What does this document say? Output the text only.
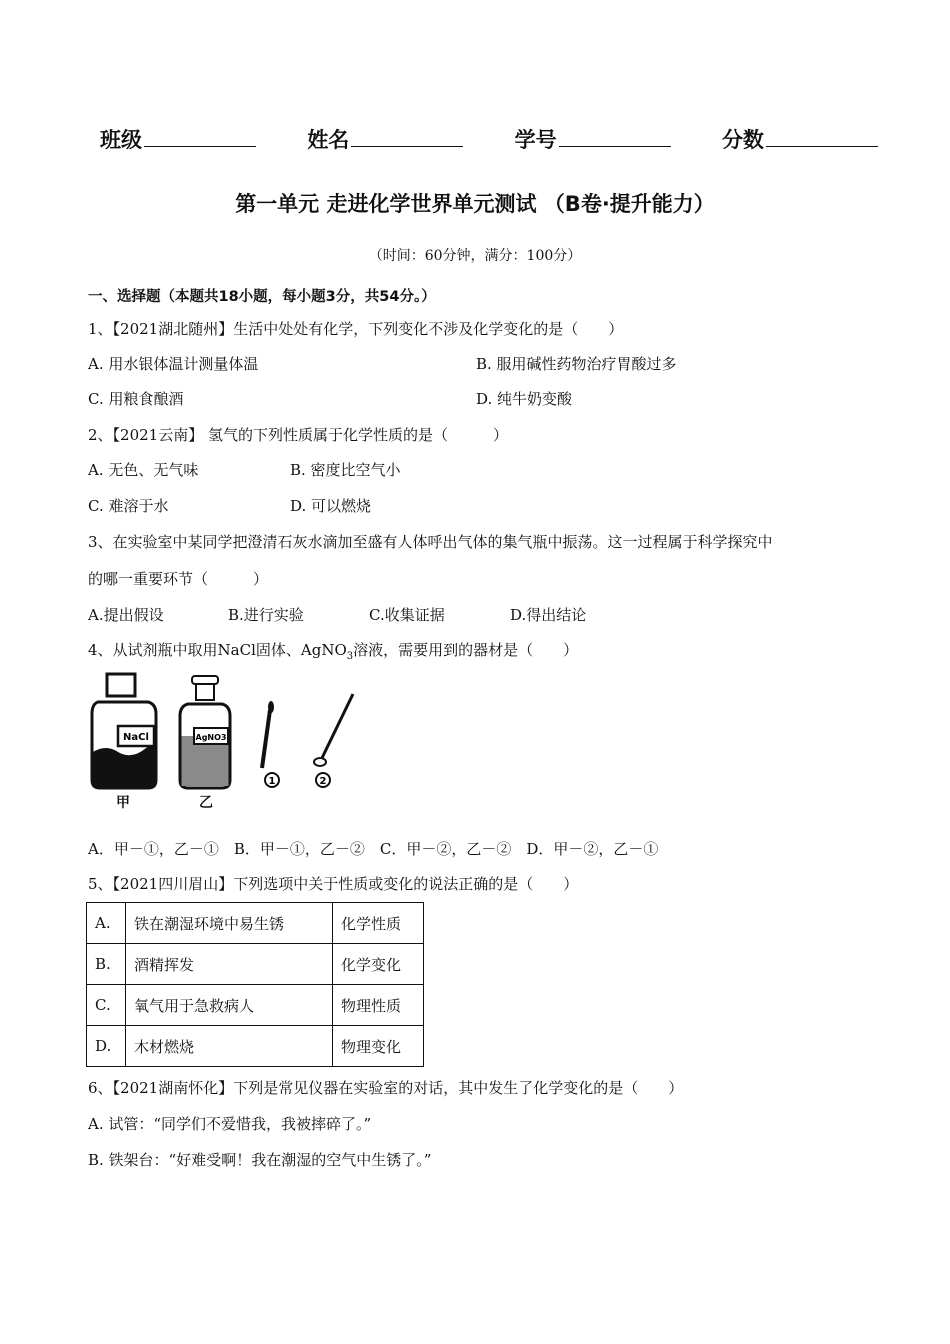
班级	姓名	学号	分数
第一单元 走进化学世界单元测试 （B卷·提升能力）
（时间：60分钟，满分：100分）
一、选择题（本题共18小题，每小题3分，共54分。）
1、【2021湖北随州】生活中处处有化学，下列变化不涉及化学变化的是（　　）
A. 用水银体温计测量体温	B. 服用碱性药物治疗胃酸过多
C. 用粮食酿酒	D. 纯牛奶变酸
2、【2021云南】 氢气的下列性质属于化学性质的是（　　　）
A. 无色、无气味	B. 密度比空气小
C. 难溶于水	D. 可以燃烧
3、在实验室中某同学把澄清石灰水滴加至盛有人体呼出气体的集气瓶中振荡。这一过程属于科学探究中
的哪一重要环节（　　　）
A.提出假设	B.进行实验	C.收集证据	D.得出结论
4、从试剂瓶中取用NaCl固体、AgNO$_3$溶液，需要用到的器材是（　　）
NaCl	AgNO3
1	2
甲	乙
A．甲－①，乙－①　B．甲－①，乙－②　C．甲－②，乙－②　D．甲－②，乙－①
5、【2021四川眉山】下列选项中关于性质或变化的说法正确的是（　　）
A.	铁在潮湿环境中易生锈	化学性质
B.	酒精挥发	化学变化
C.	氧气用于急救病人	物理性质
D.	木材燃烧	物理变化
6、【2021湖南怀化】下列是常见仪器在实验室的对话，其中发生了化学变化的是（　　）
A. 试管：“同学们不爱惜我，我被摔碎了。”
B. 铁架台：“好难受啊！我在潮湿的空气中生锈了。”
